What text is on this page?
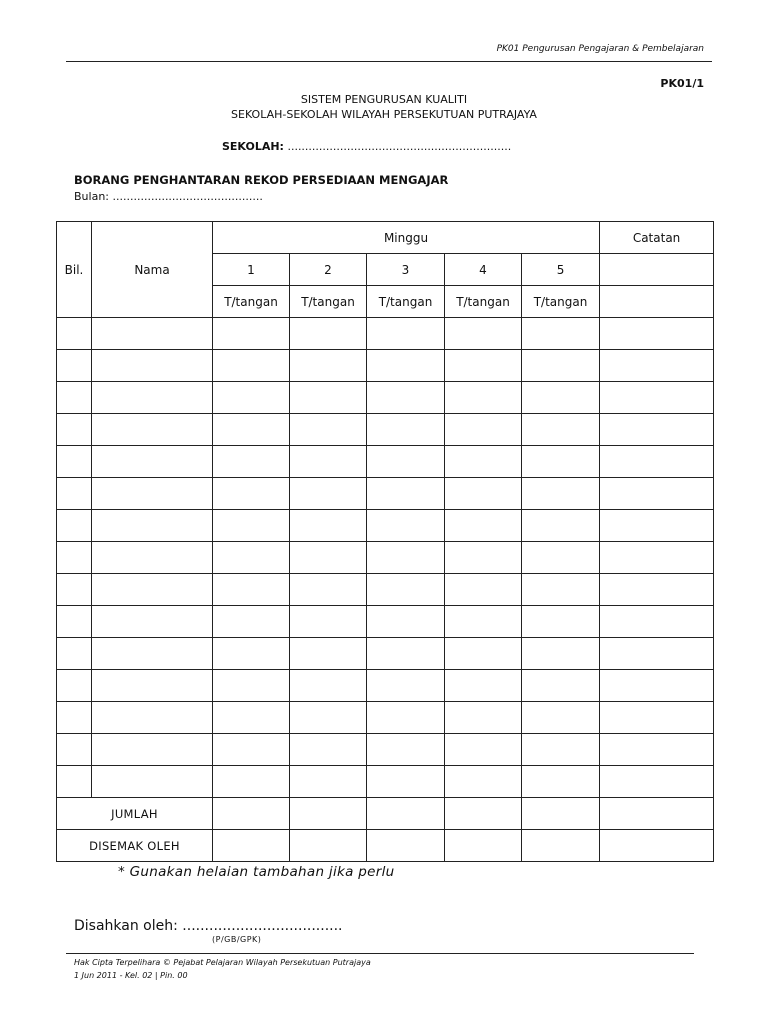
PK01 Pengurusan Pengajaran & Pembelajaran
PK01/1
SISTEM PENGURUSAN KUALITI
SEKOLAH-SEKOLAH WILAYAH PERSEKUTUAN PUTRAJAYA
SEKOLAH: ................................................................
BORANG PENGHANTARAN REKOD PERSEDIAAN MENGAJAR
Bulan: ...........................................
Bil.	Nama	Minggu					Catatan
		1	2	3	4	5	
		T/tangan	T/tangan	T/tangan	T/tangan	T/tangan	

JUMLAH							
DISEMAK OLEH							
* Gunakan helaian tambahan jika perlu
Disahkan oleh: ....................................
(P/GB/GPK)
Hak Cipta Terpelihara © Pejabat Pelajaran Wilayah Persekutuan Putrajaya
1 Jun 2011 - Kel. 02 | Pin. 00
